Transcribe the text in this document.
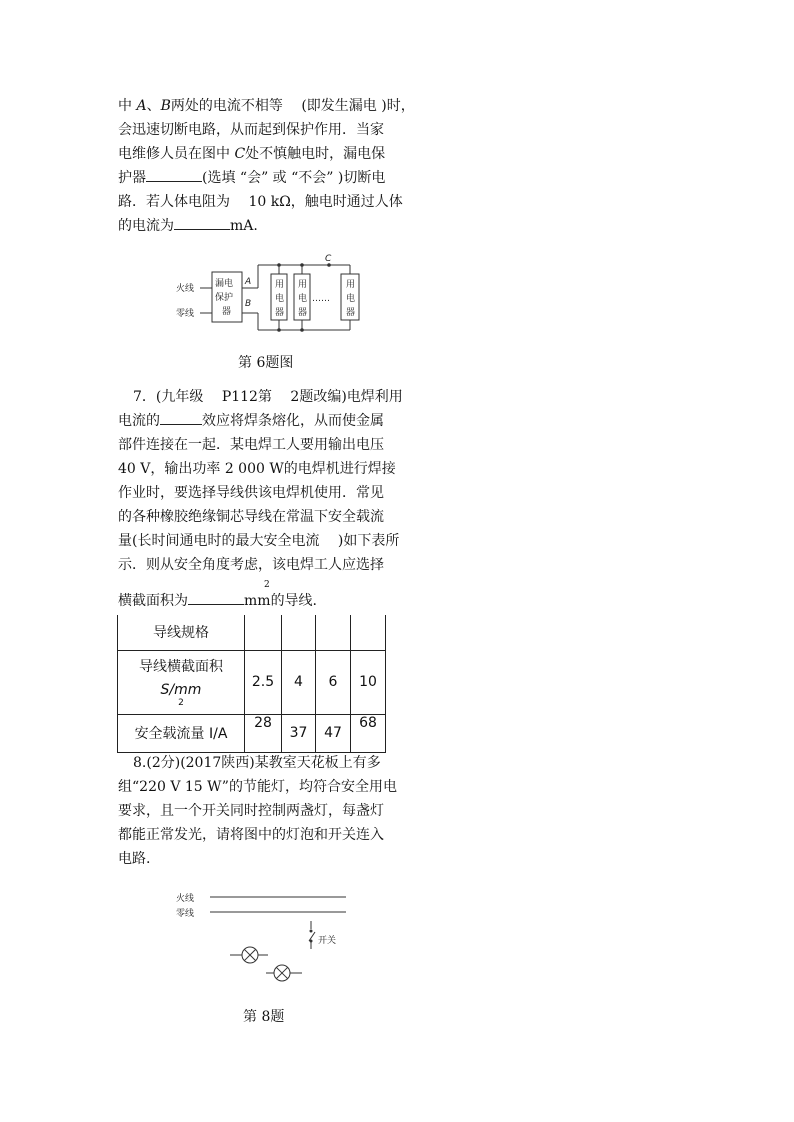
中 A、B两处的电流不相等　 (即发生漏电 )时，
会迅速切断电路，从而起到保护作用．当家
电维修人员在图中 C处不慎触电时，漏电保
护器	(选填 “会” 或 “不会” )切断电
路．若人体电阻为　 10 kΩ，触电时通过人体
的电流为	mA.
火线
零线
漏电
保护
器
A
B
C
用
电
器
用
电
器
用
电
器
……
第 6题图
7．(九年级　 P112第　 2题改编)电焊利用
电流的	效应将焊条熔化，从而使金属
部件连接在一起．某电焊工人要用输出电压
40 V，输出功率 2 000 W的电焊机进行焊接
作业时，要选择导线供该电焊机使用．常见
的各种橡胶绝缘铜芯导线在常温下安全载流
量(长时间通电时的最大安全电流　 )如下表所
示．则从安全角度考虑，该电焊工人应选择
2
横截面积为	mm的导线.
导线规格				

导线横截面积
S/mm
2	2.5	4	6	10
安全载流量 I/A	28	37	47	68
8.(2分)(2017陕西)某教室天花板上有多
组“220 V 15 W”的节能灯，均符合安全用电
要求，且一个开关同时控制两盏灯，每盏灯
都能正常发光，请将图中的灯泡和开关连入
电路.
火线
零线
开关
第 8题
